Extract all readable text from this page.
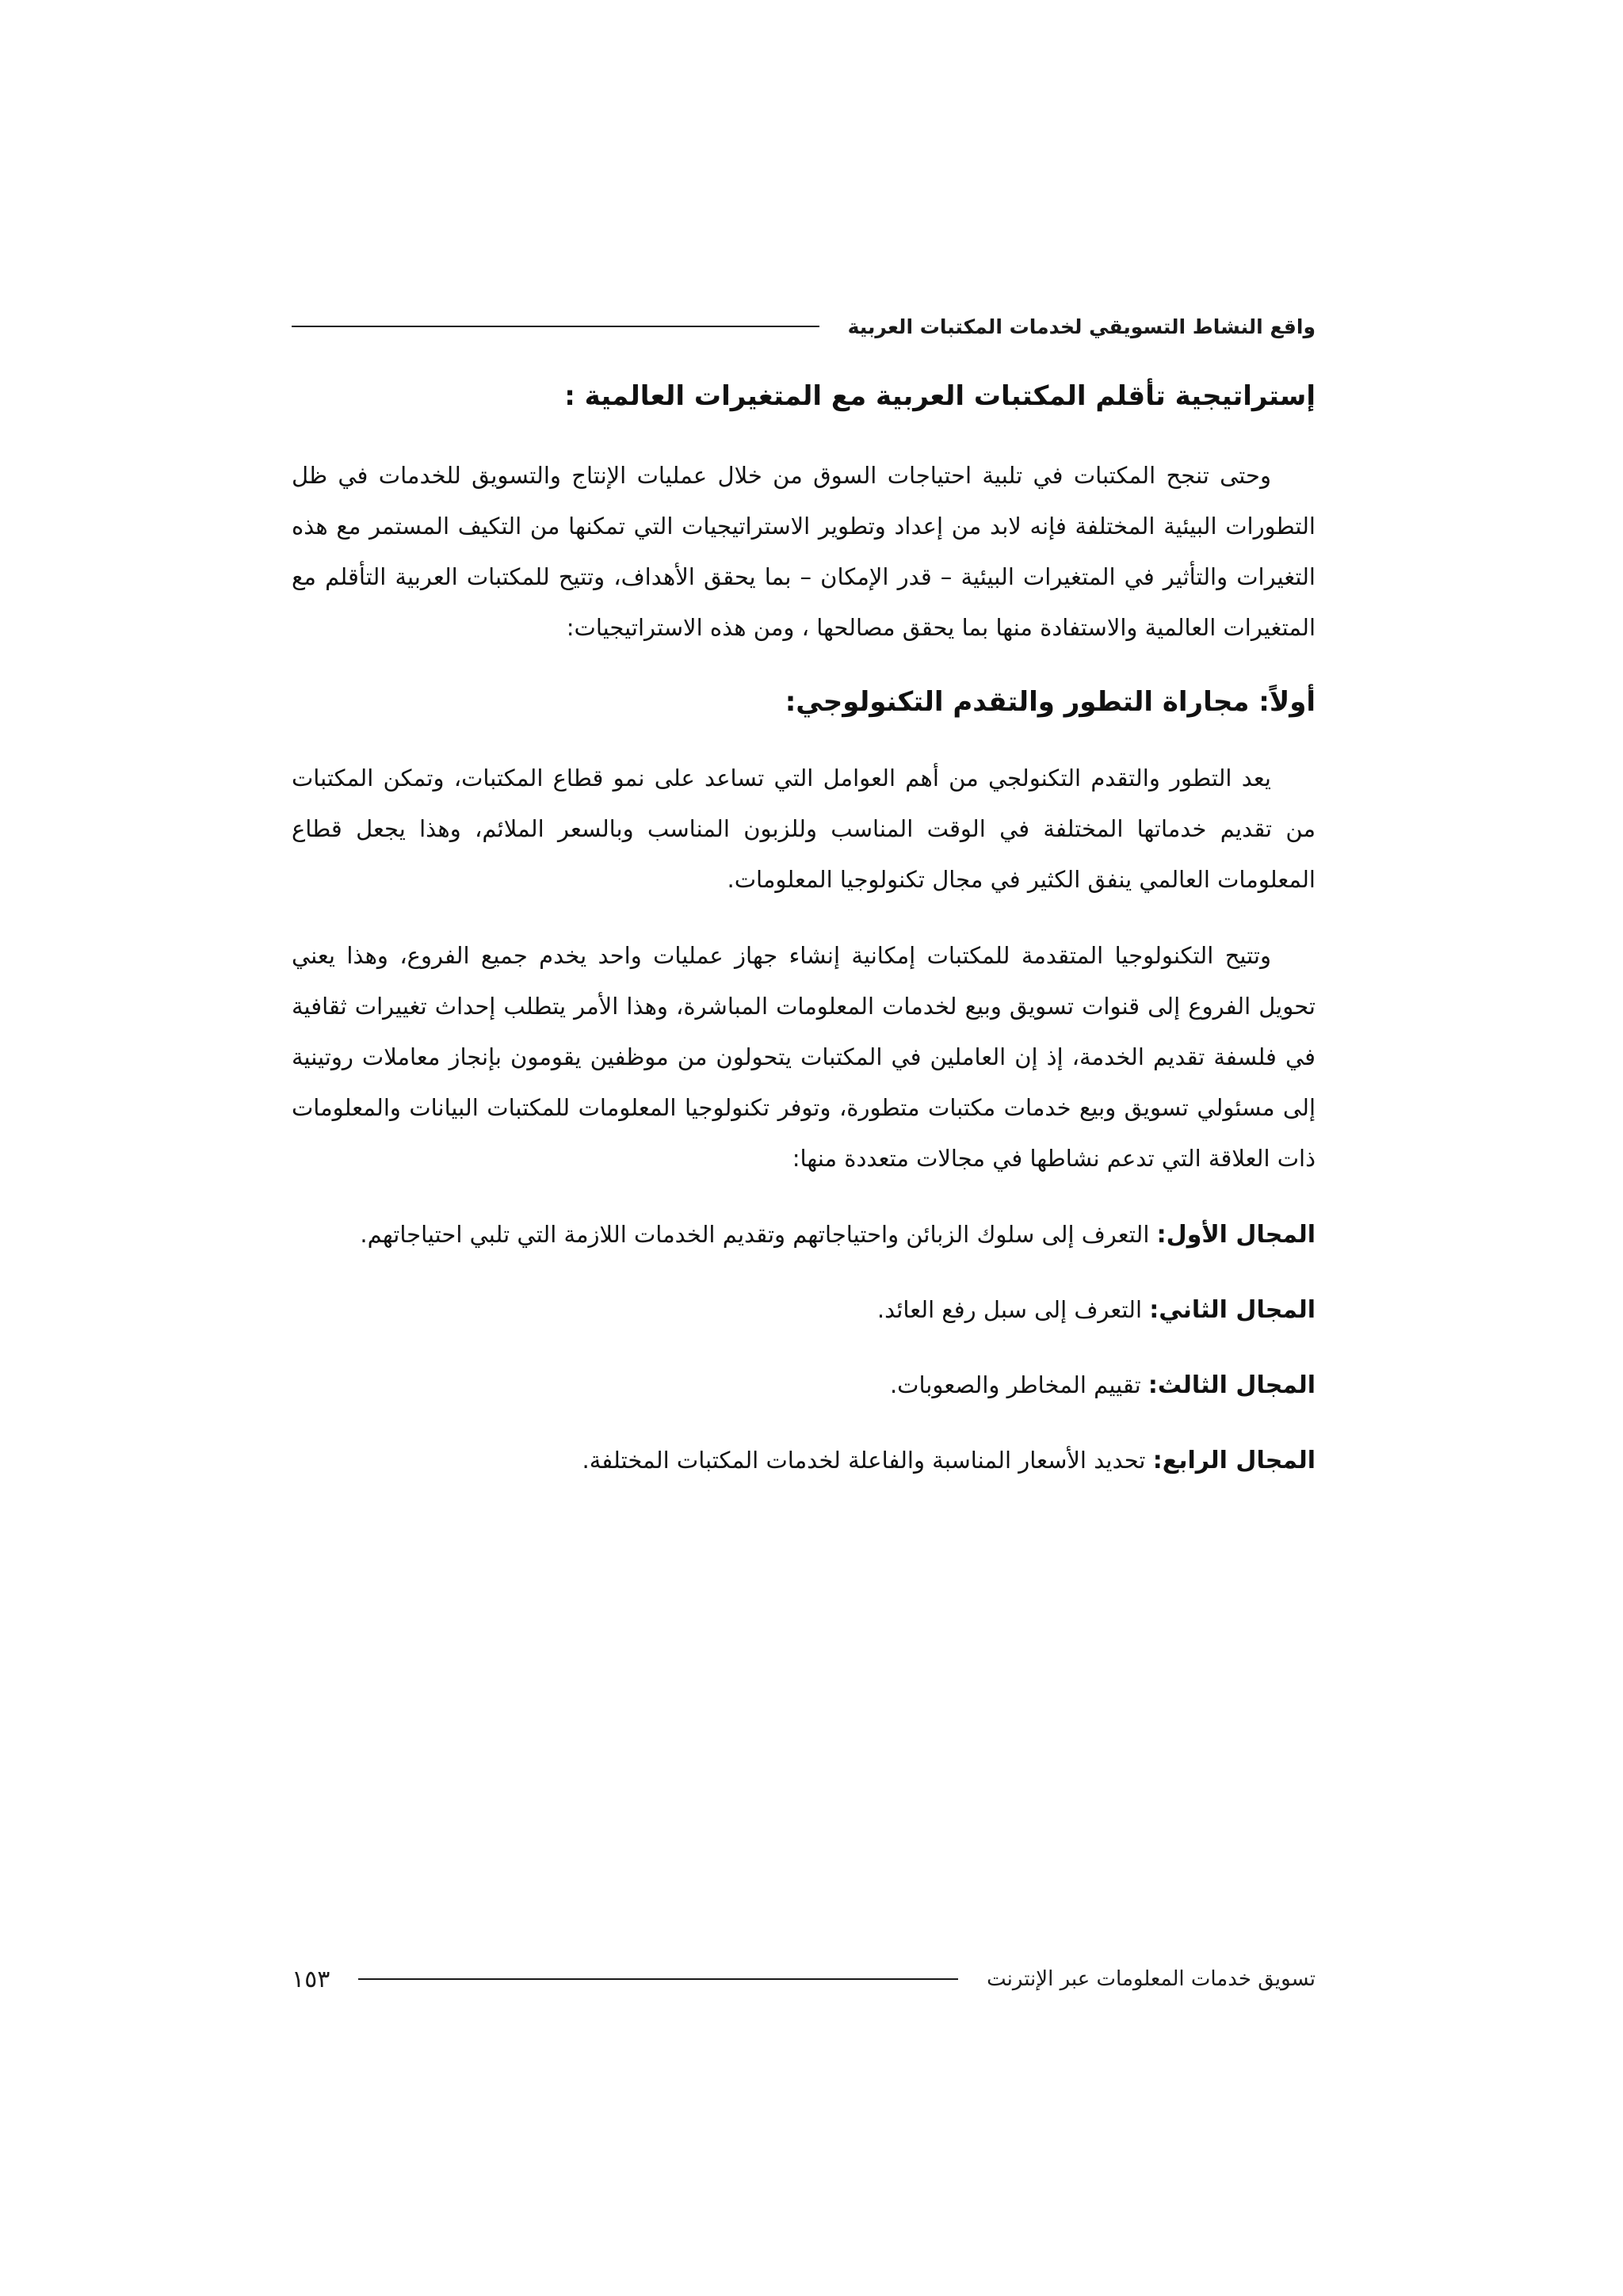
واقع النشاط التسويقي لخدمات المكتبات العربية
إستراتيجية تأقلم المكتبات العربية مع المتغيرات العالمية :

وحتى تنجح المكتبات في تلبية احتياجات السوق من خلال عمليات الإنتاج والتسويق للخدمات في ظل التطورات البيئية المختلفة فإنه لابد من إعداد وتطوير الاستراتيجيات التي تمكنها من التكيف المستمر مع هذه التغيرات والتأثير في المتغيرات البيئية – قدر الإمكان – بما يحقق الأهداف، وتتيح للمكتبات العربية التأقلم مع المتغيرات العالمية والاستفادة منها بما يحقق مصالحها ، ومن هذه الاستراتيجيات:

أولاً: مجاراة التطور والتقدم التكنولوجي:

يعد التطور والتقدم التكنولجي من أهم العوامل التي تساعد على نمو قطاع المكتبات، وتمكن المكتبات من تقديم خدماتها المختلفة في الوقت المناسب وللزبون المناسب وبالسعر الملائم، وهذا يجعل قطاع المعلومات العالمي ينفق الكثير في مجال تكنولوجيا المعلومات.

وتتيح التكنولوجيا المتقدمة للمكتبات إمكانية إنشاء جهاز عمليات واحد يخدم جميع الفروع، وهذا يعني تحويل الفروع إلى قنوات تسويق وبيع لخدمات المعلومات المباشرة، وهذا الأمر يتطلب إحداث تغييرات ثقافية في فلسفة تقديم الخدمة، إذ إن العاملين في المكتبات يتحولون من موظفين يقومون بإنجاز معاملات روتينية إلى مسئولي تسويق وبيع خدمات مكتبات متطورة، وتوفر تكنولوجيا المعلومات للمكتبات البيانات والمعلومات ذات العلاقة التي تدعم نشاطها في مجالات متعددة منها:

المجال الأول: التعرف إلى سلوك الزبائن واحتياجاتهم وتقديم الخدمات اللازمة التي تلبي احتياجاتهم.

المجال الثاني: التعرف إلى سبل رفع العائد.

المجال الثالث: تقييم المخاطر والصعوبات.

المجال الرابع: تحديد الأسعار المناسبة والفاعلة لخدمات المكتبات المختلفة.

تسويق خدمات المعلومات عبر الإنترنت
١٥٣
